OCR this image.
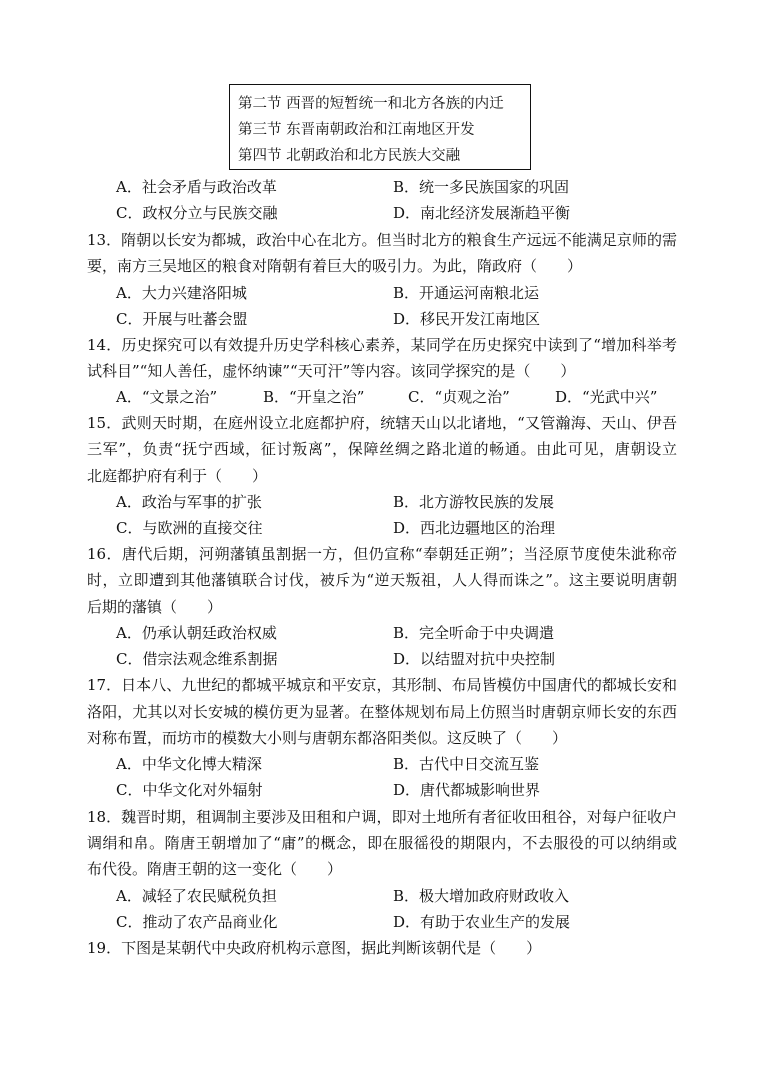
第二节 西晋的短暂统一和北方各族的内迁
第三节 东晋南朝政治和江南地区开发
第四节 北朝政治和北方民族大交融
A．社会矛盾与政治改革	B．统一多民族国家的巩固
C．政权分立与民族交融	D．南北经济发展渐趋平衡
13．隋朝以长安为都城，政治中心在北方。但当时北方的粮食生产远远不能满足京师的需
要，南方三吴地区的粮食对隋朝有着巨大的吸引力。为此，隋政府（　　）
A．大力兴建洛阳城	B．开通运河南粮北运
C．开展与吐蕃会盟	D．移民开发江南地区
14．历史探究可以有效提升历史学科核心素养，某同学在历史探究中读到了“增加科举考
试科目”“知人善任，虚怀纳谏”“天可汗”等内容。该同学探究的是（　　）
A．“文景之治”	B．“开皇之治”	C．“贞观之治”	D．“光武中兴”
15．武则天时期，在庭州设立北庭都护府，统辖天山以北诸地，“又管瀚海、天山、伊吾
三军”，负责“抚宁西域，征讨叛离”，保障丝绸之路北道的畅通。由此可见，唐朝设立
北庭都护府有利于（　　）
A．政治与军事的扩张	B．北方游牧民族的发展
C．与欧洲的直接交往	D．西北边疆地区的治理
16．唐代后期，河朔藩镇虽割据一方，但仍宣称“奉朝廷正朔”；当泾原节度使朱泚称帝
时，立即遭到其他藩镇联合讨伐，被斥为“逆天叛祖，人人得而诛之”。这主要说明唐朝
后期的藩镇（　　）
A．仍承认朝廷政治权威	B．完全听命于中央调遣
C．借宗法观念维系割据	D．以结盟对抗中央控制
17．日本八、九世纪的都城平城京和平安京，其形制、布局皆模仿中国唐代的都城长安和
洛阳，尤其以对长安城的模仿更为显著。在整体规划布局上仿照当时唐朝京师长安的东西
对称布置，而坊市的模数大小则与唐朝东都洛阳类似。这反映了（　　）
A．中华文化博大精深	B．古代中日交流互鉴
C．中华文化对外辐射	D．唐代都城影响世界
18．魏晋时期，租调制主要涉及田租和户调，即对土地所有者征收田租谷，对每户征收户
调绢和帛。隋唐王朝增加了“庸”的概念，即在服徭役的期限内，不去服役的可以纳绢或
布代役。隋唐王朝的这一变化（　　）
A．减轻了农民赋税负担	B．极大增加政府财政收入
C．推动了农产品商业化	D．有助于农业生产的发展
19．下图是某朝代中央政府机构示意图，据此判断该朝代是（　　）
